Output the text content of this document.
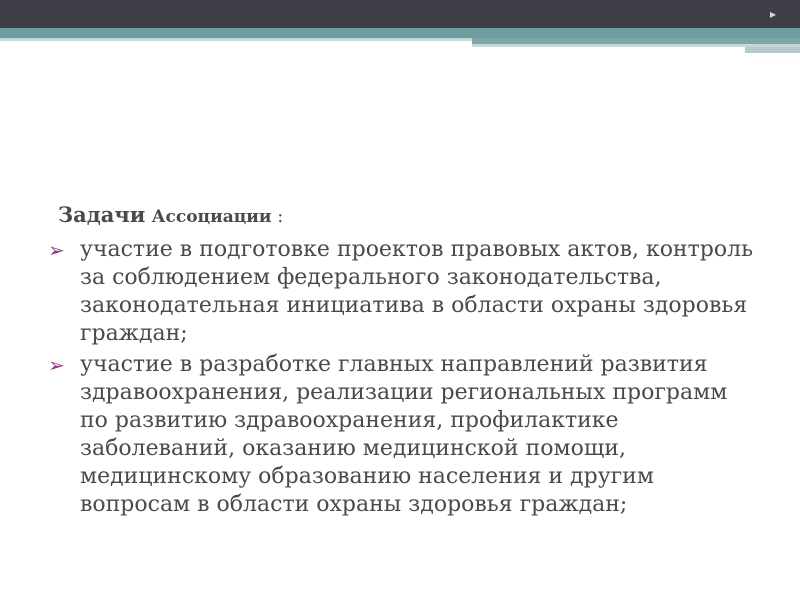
▸
Задачи Ассоциации :
➢ участие в подготовке проектов правовых актов, контроль за соблюдением федерального законодательства, законодательная инициатива в области охраны здоровья граждан;
➢ участие в разработке главных направлений развития здравоохранения, реализации региональных программ по развитию здравоохранения, профилактике заболеваний, оказанию медицинской помощи, медицинскому образованию населения и другим вопросам в области охраны здоровья граждан;
